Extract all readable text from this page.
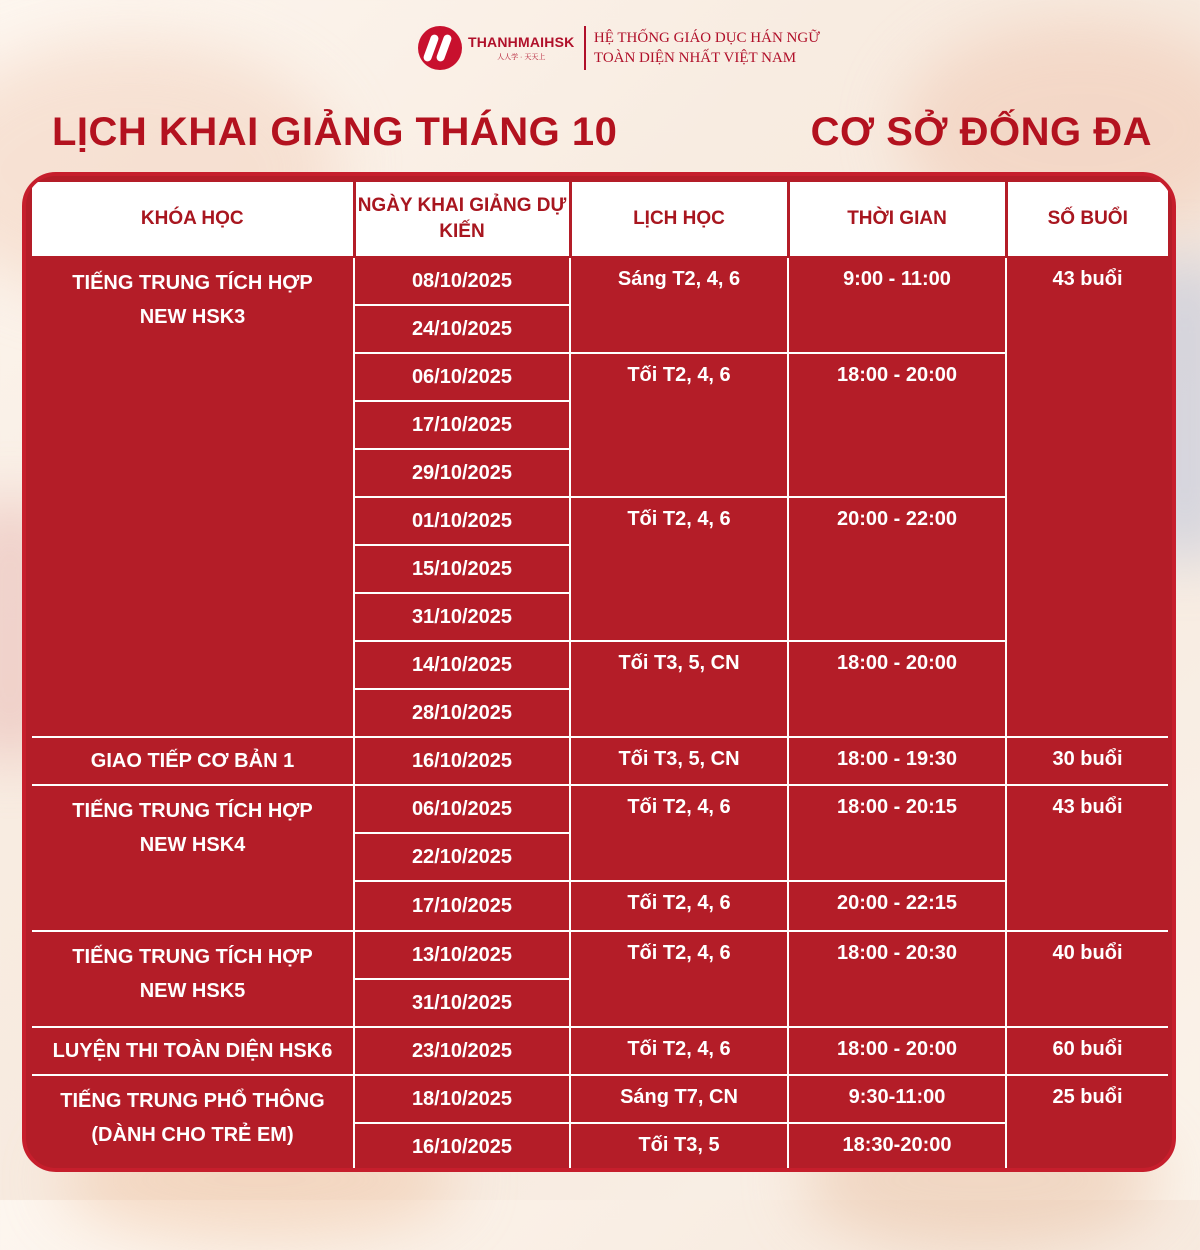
THANHMAIHSK
人人学 · 天天上
HỆ THỐNG GIÁO DỤC HÁN NGỮ
TOÀN DIỆN NHẤT VIỆT NAM
LỊCH KHAI GIẢNG THÁNG 10	CƠ SỞ ĐỐNG ĐA
KHÓA HỌC	NGÀY KHAI GIẢNG DỰ KIẾN	LỊCH HỌC	THỜI GIAN	SỐ BUỔI

TIẾNG TRUNG TÍCH HỢP
NEW HSK3	08/10/2025	Sáng T2, 4, 6	9:00 - 11:00	43 buổi
	24/10/2025			
	06/10/2025	Tối T2, 4, 6	18:00 - 20:00	
	17/10/2025			
	29/10/2025			
	01/10/2025	Tối T2, 4, 6	20:00 - 22:00	
	15/10/2025			
	31/10/2025			
	14/10/2025	Tối T3, 5, CN	18:00 - 20:00	
	28/10/2025			
GIAO TIẾP CƠ BẢN 1	16/10/2025	Tối T3, 5, CN	18:00 - 19:30	30 buổi

TIẾNG TRUNG TÍCH HỢP
NEW HSK4	06/10/2025	Tối T2, 4, 6	18:00 - 20:15	43 buổi
	22/10/2025			
	17/10/2025	Tối T2, 4, 6	20:00 - 22:15	

TIẾNG TRUNG TÍCH HỢP
NEW HSK5	13/10/2025	Tối T2, 4, 6	18:00 - 20:30	40 buổi
	31/10/2025			
LUYỆN THI TOÀN DIỆN HSK6	23/10/2025	Tối T2, 4, 6	18:00 - 20:00	60 buổi

TIẾNG TRUNG PHỔ THÔNG
(DÀNH CHO TRẺ EM)	18/10/2025	Sáng T7, CN	9:30-11:00	25 buổi
	16/10/2025	Tối T3, 5	18:30-20:00	
